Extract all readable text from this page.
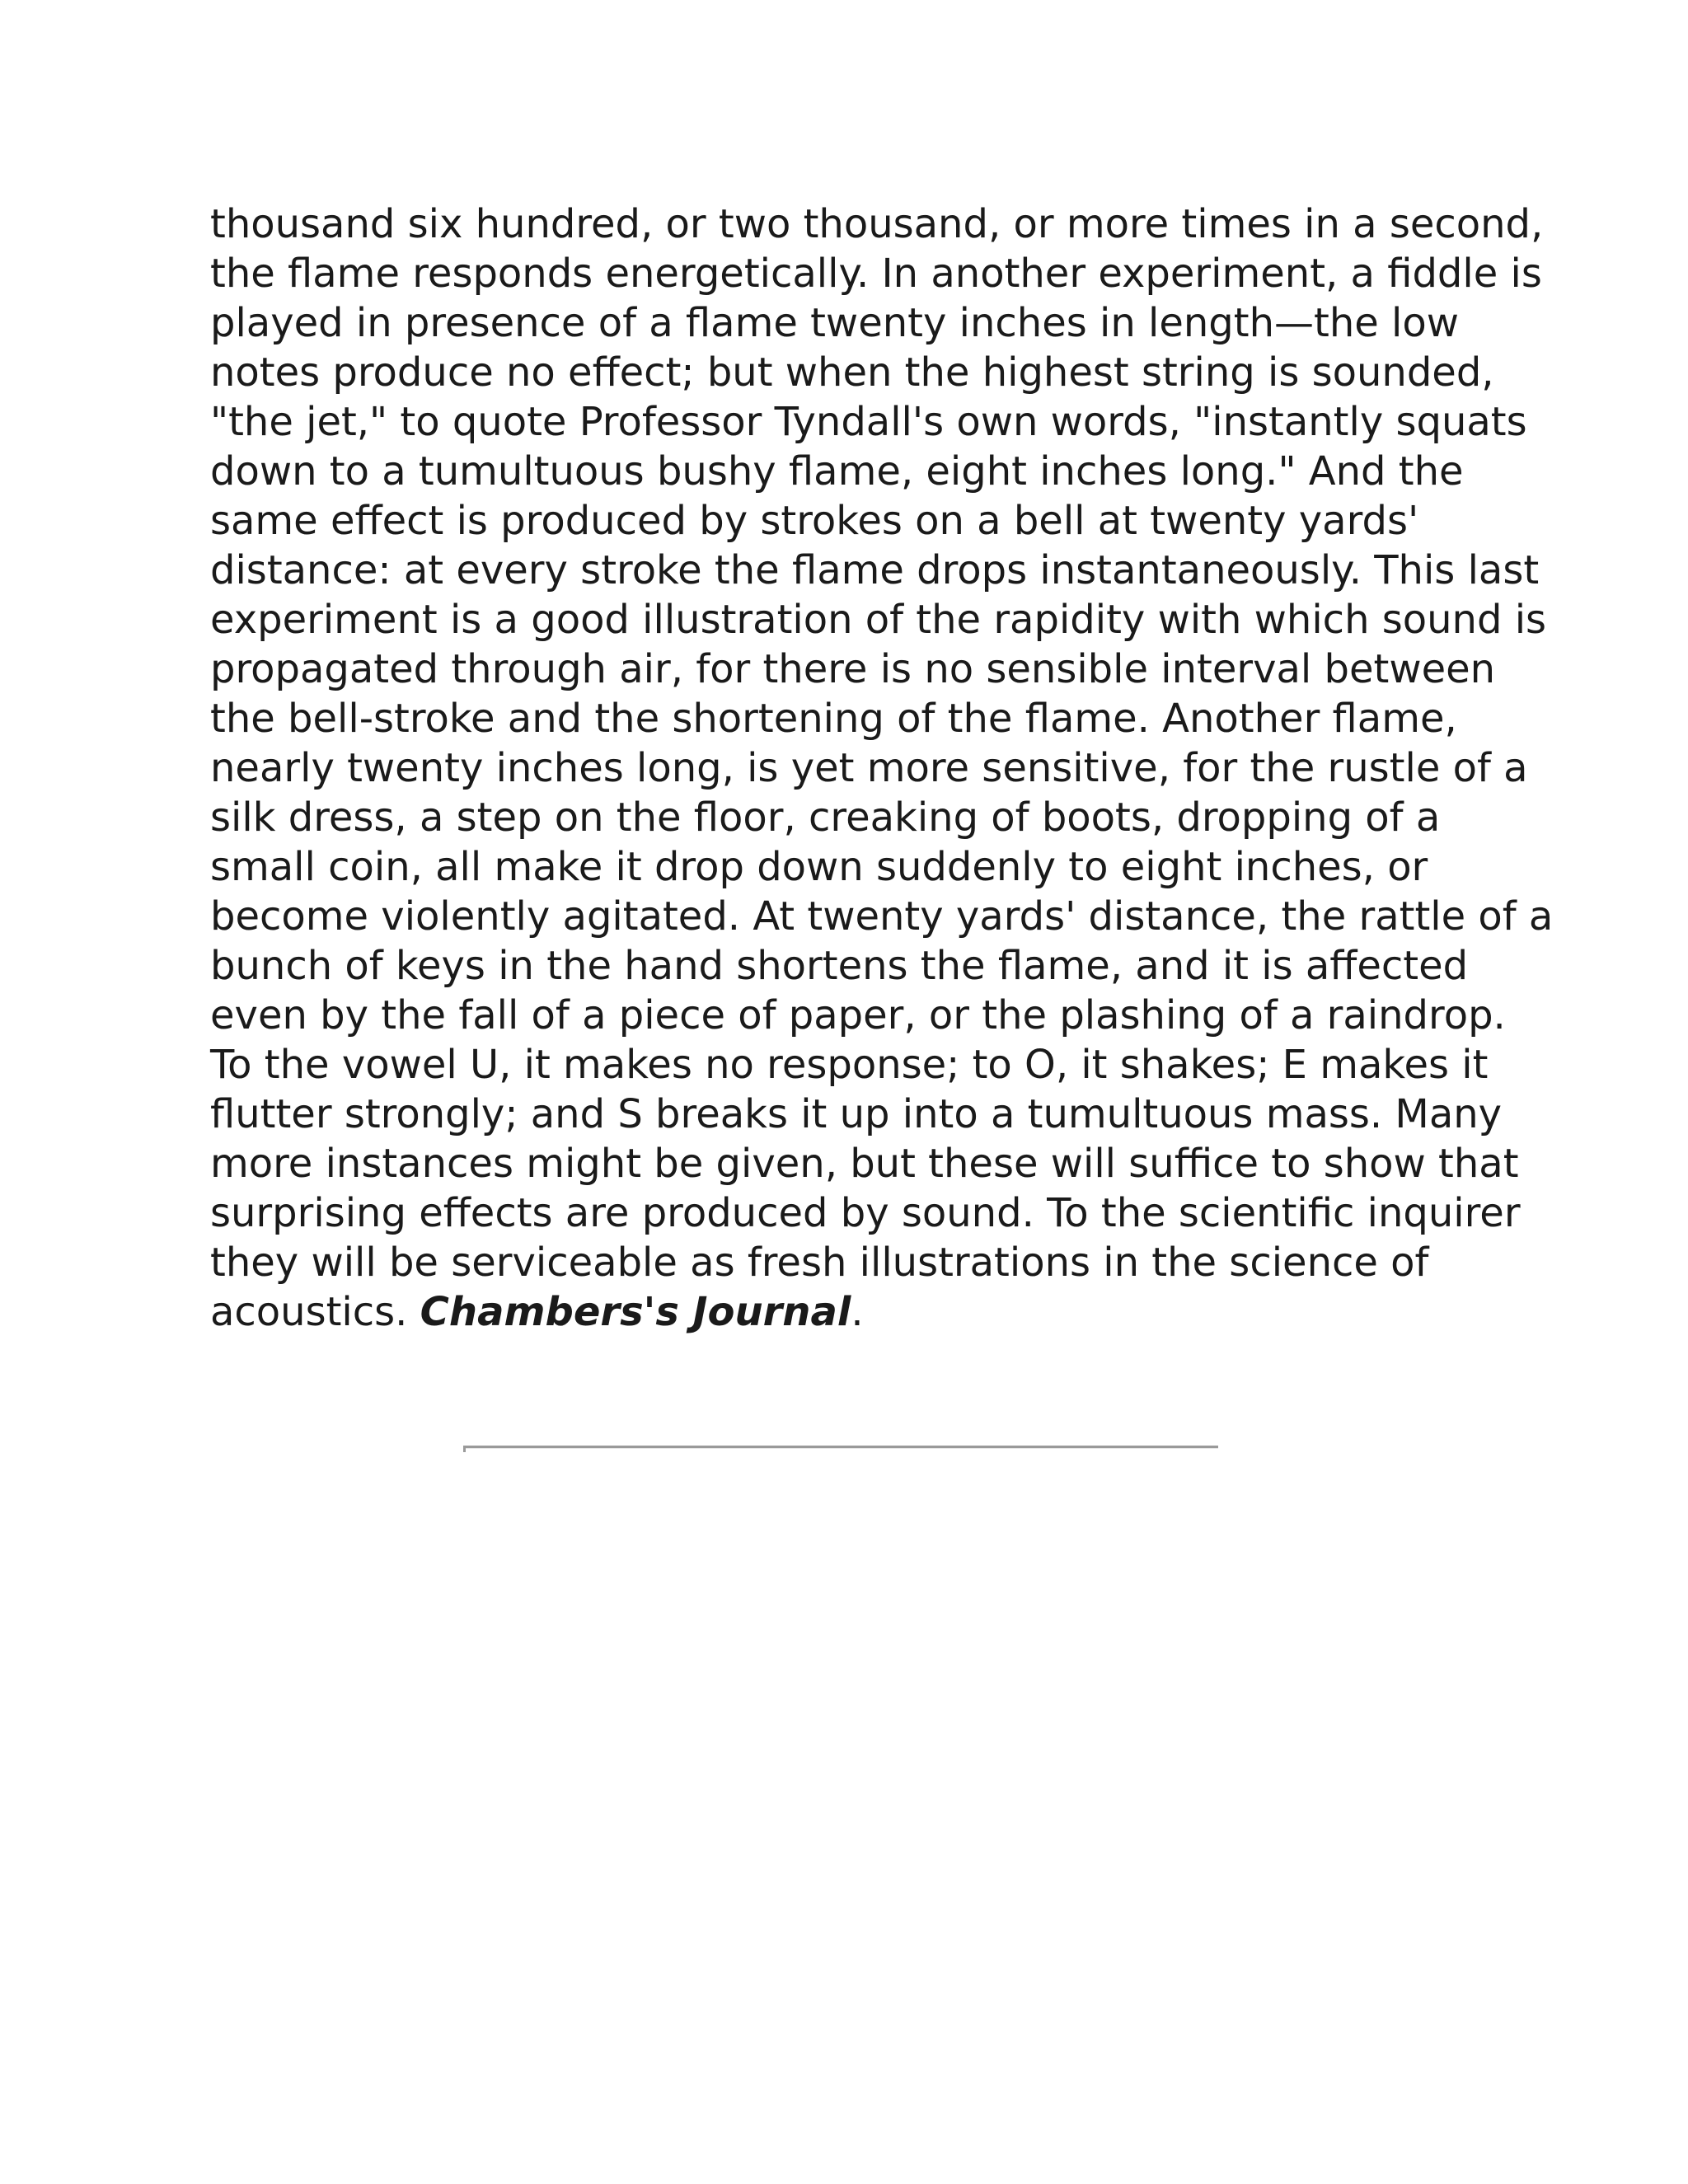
thousand six hundred, or two thousand, or more times in a second,
the flame responds energetically. In another experiment, a fiddle is
played in presence of a flame twenty inches in length—the low
notes produce no effect; but when the highest string is sounded,
"the jet," to quote Professor Tyndall's own words, "instantly squats
down to a tumultuous bushy flame, eight inches long." And the
same effect is produced by strokes on a bell at twenty yards'
distance: at every stroke the flame drops instantaneously. This last
experiment is a good illustration of the rapidity with which sound is
propagated through air, for there is no sensible interval between
the bell-stroke and the shortening of the flame. Another flame,
nearly twenty inches long, is yet more sensitive, for the rustle of a
silk dress, a step on the floor, creaking of boots, dropping of a
small coin, all make it drop down suddenly to eight inches, or
become violently agitated. At twenty yards' distance, the rattle of a
bunch of keys in the hand shortens the flame, and it is affected
even by the fall of a piece of paper, or the plashing of a raindrop.
To the vowel U, it makes no response; to O, it shakes; E makes it
flutter strongly; and S breaks it up into a tumultuous mass. Many
more instances might be given, but these will suffice to show that
surprising effects are produced by sound. To the scientific inquirer
they will be serviceable as fresh illustrations in the science of
acoustics. Chambers's Journal.
